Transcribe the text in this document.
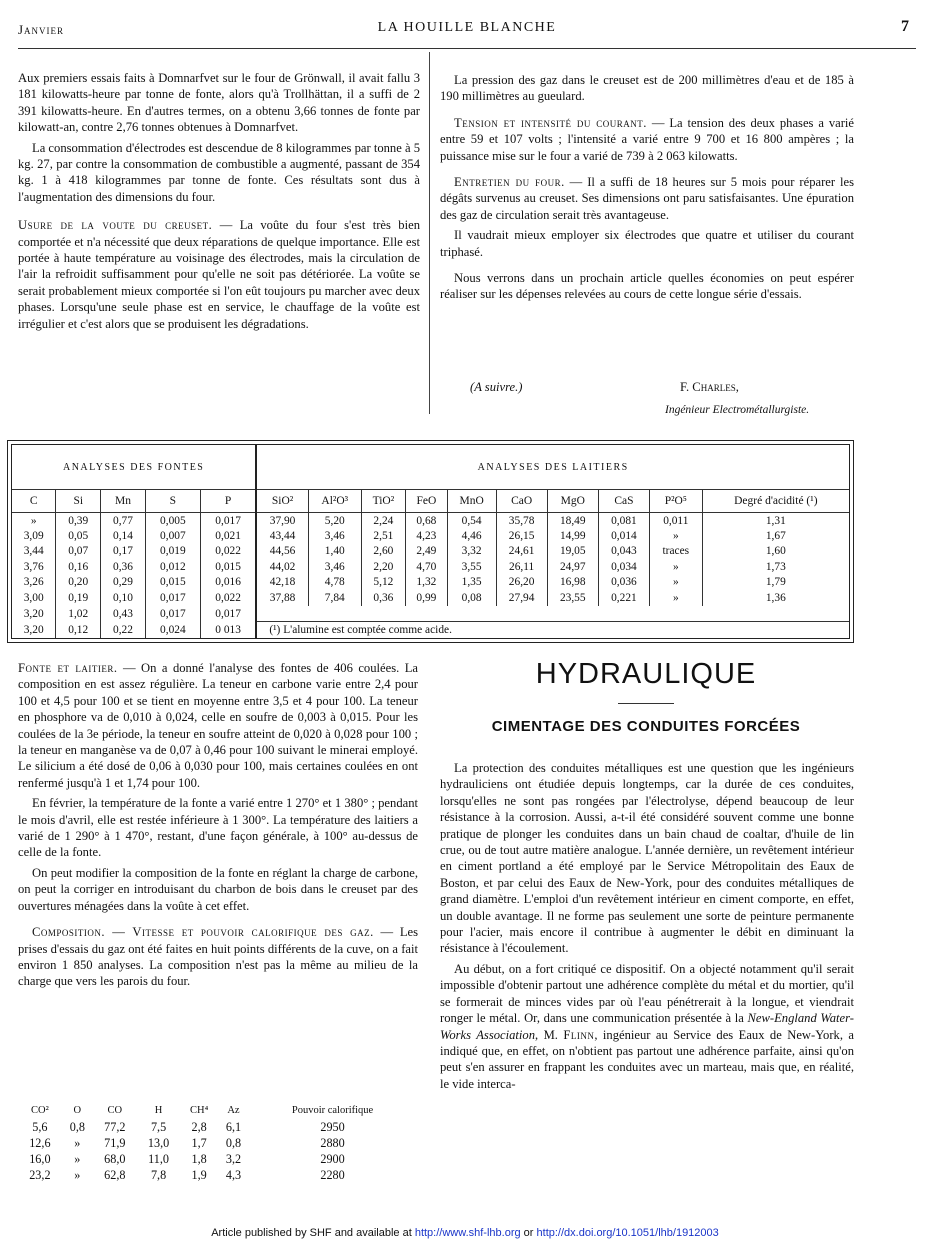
Janvier	LA HOUILLE BLANCHE	7

Aux premiers essais faits à Domnarfvet sur le four de Grönwall, il avait fallu 3 181 kilowatts-heure par tonne de fonte, alors qu'à Trollhättan, il a suffi de 2 391 kilowatts-heure. En d'autres termes, on a obtenu 3,66 tonnes de fonte par kilowatt-an, contre 2,76 tonnes obtenues à Domnarfvet.

La consommation d'électrodes est descendue de 8 kilogrammes par tonne à 5 kg. 27, par contre la consommation de combustible a augmenté, passant de 354 kg. 1 à 418 kilogrammes par tonne de fonte. Ces résultats sont dus à l'augmentation des dimensions du four.

Usure de la voute du creuset. — La voûte du four s'est très bien comportée et n'a nécessité que deux réparations de quelque importance. Elle est portée à haute température au voisinage des électrodes, mais la circulation de l'air la refroidit suffisamment pour qu'elle ne soit pas détériorée. La voûte se serait probablement mieux comportée si l'on eût toujours pu marcher avec deux phases. Lorsqu'une seule phase est en service, le chauffage de la voûte est irrégulier et c'est alors que se produisent les dégradations.

La pression des gaz dans le creuset est de 200 millimètres d'eau et de 185 à 190 millimètres au gueulard.

Tension et intensité du courant. — La tension des deux phases a varié entre 59 et 107 volts ; l'intensité a varié entre 9 700 et 16 800 ampères ; la puissance mise sur le four a varié de 739 à 2 063 kilowatts.

Entretien du four. — Il a suffi de 18 heures sur 5 mois pour réparer les dégâts survenus au creuset. Ses dimensions ont paru satisfaisantes. Une épuration des gaz de circulation serait très avantageuse.

Il vaudrait mieux employer six électrodes que quatre et utiliser du courant triphasé.

Nous verrons dans un prochain article quelles économies on peut espérer réaliser sur les dépenses relevées au cours de cette longue série d'essais.

(A suivre.)	F. Charles,
Ingénieur Electrométallurgiste.
ANALYSES DES FONTES					ANALYSES DES LAITIERS									
C	Si	Mn	S	P	SiO²	Al²O³	TiO²	FeO	MnO	CaO	MgO	CaS	P²O⁵	Degré d'acidité (¹)
»	0,39	0,77	0,005	0,017	37,90	5,20	2,24	0,68	0,54	35,78	18,49	0,081	0,011	1,31
3,09	0,05	0,14	0,007	0,021	43,44	3,46	2,51	4,23	4,46	26,15	14,99	0,014	»	1,67
3,44	0,07	0,17	0,019	0,022	44,56	1,40	2,60	2,49	3,32	24,61	19,05	0,043	traces	1,60
3,76	0,16	0,36	0,012	0,015	44,02	3,46	2,20	4,70	3,55	26,11	24,97	0,034	»	1,73
3,26	0,20	0,29	0,015	0,016	42,18	4,78	5,12	1,32	1,35	26,20	16,98	0,036	»	1,79
3,00	0,19	0,10	0,017	0,022	37,88	7,84	0,36	0,99	0,08	27,94	23,55	0,221	»	1,36
3,20	1,02	0,43	0,017	0,017										
3,20	0,12	0,22	0,024	0 013	(¹) L'alumine est comptée comme acide.									

Fonte et laitier. — On a donné l'analyse des fontes de 406 coulées. La composition en est assez régulière. La teneur en carbone varie entre 2,4 pour 100 et 4,5 pour 100 et se tient en moyenne entre 3,5 et 4 pour 100. La teneur en phosphore va de 0,010 à 0,024, celle en soufre de 0,003 à 0,015. Pour les coulées de la 3e période, la teneur en soufre atteint de 0,020 à 0,028 pour 100 ; la teneur en manganèse va de 0,07 à 0,46 pour 100 suivant le minerai employé. Le silicium a été dosé de 0,06 à 0,030 pour 100, mais certaines coulées en ont renfermé jusqu'à 1 et 1,74 pour 100.

En février, la température de la fonte a varié entre 1 270° et 1 380° ; pendant le mois d'avril, elle est restée inférieure à 1 300°. La température des laitiers a varié de 1 290° à 1 470°, restant, d'une façon générale, à 100° au-dessus de celle de la fonte.

On peut modifier la composition de la fonte en réglant la charge de carbone, on peut la corriger en introduisant du charbon de bois dans le creuset par des ouvertures ménagées dans la voûte à cet effet.

Composition. — Vitesse et pouvoir calorifique des gaz. — Les prises d'essais du gaz ont été faites en huit points différents de la cuve, on a fait environ 1 850 analyses. La composition n'est pas la même au milieu de la charge que vers les parois du four.

CO²	O	CO	H	CH⁴	Az	Pouvoir calorifique
5,6	0,8	77,2	7,5	2,8	6,1	2950
12,6	»	71,9	13,0	1,7	0,8	2880
16,0	»	68,0	11,0	1,8	3,2	2900
23,2	»	62,8	7,8	1,9	4,3	2280
HYDRAULIQUE
CIMENTAGE DES CONDUITES FORCÉES

La protection des conduites métalliques est une question que les ingénieurs hydrauliciens ont étudiée depuis longtemps, car la durée de ces conduites, lorsqu'elles ne sont pas rongées par l'électrolyse, dépend beaucoup de leur résistance à la corrosion. Aussi, a-t-il été considéré souvent comme une bonne pratique de plonger les conduites dans un bain chaud de coaltar, d'huile de lin crue, ou de tout autre matière analogue. L'année dernière, un revêtement intérieur en ciment portland a été employé par le Service Métropolitain des Eaux de Boston, et par celui des Eaux de New-York, pour des conduites métalliques de grand diamètre. L'emploi d'un revêtement intérieur en ciment comporte, en effet, un double avantage. Il ne forme pas seulement une sorte de peinture permanente pour l'acier, mais encore il contribue à augmenter le débit en diminuant la résistance à l'écoulement.

Au début, on a fort critiqué ce dispositif. On a objecté notamment qu'il serait impossible d'obtenir partout une adhérence complète du métal et du mortier, qu'il se formerait de minces vides par où l'eau pénétrerait à la longue, et viendrait ronger le métal. Or, dans une communication présentée à la New-England Water-Works Association, M. Flinn, ingénieur au Service des Eaux de New-York, a indiqué que, en effet, on n'obtient pas partout une adhérence parfaite, ainsi qu'on peut s'en assurer en frappant les conduites avec un marteau, mais que, en réalité, le vide interca-

Article published by SHF and available at http://www.shf-lhb.org or http://dx.doi.org/10.1051/lhb/1912003
